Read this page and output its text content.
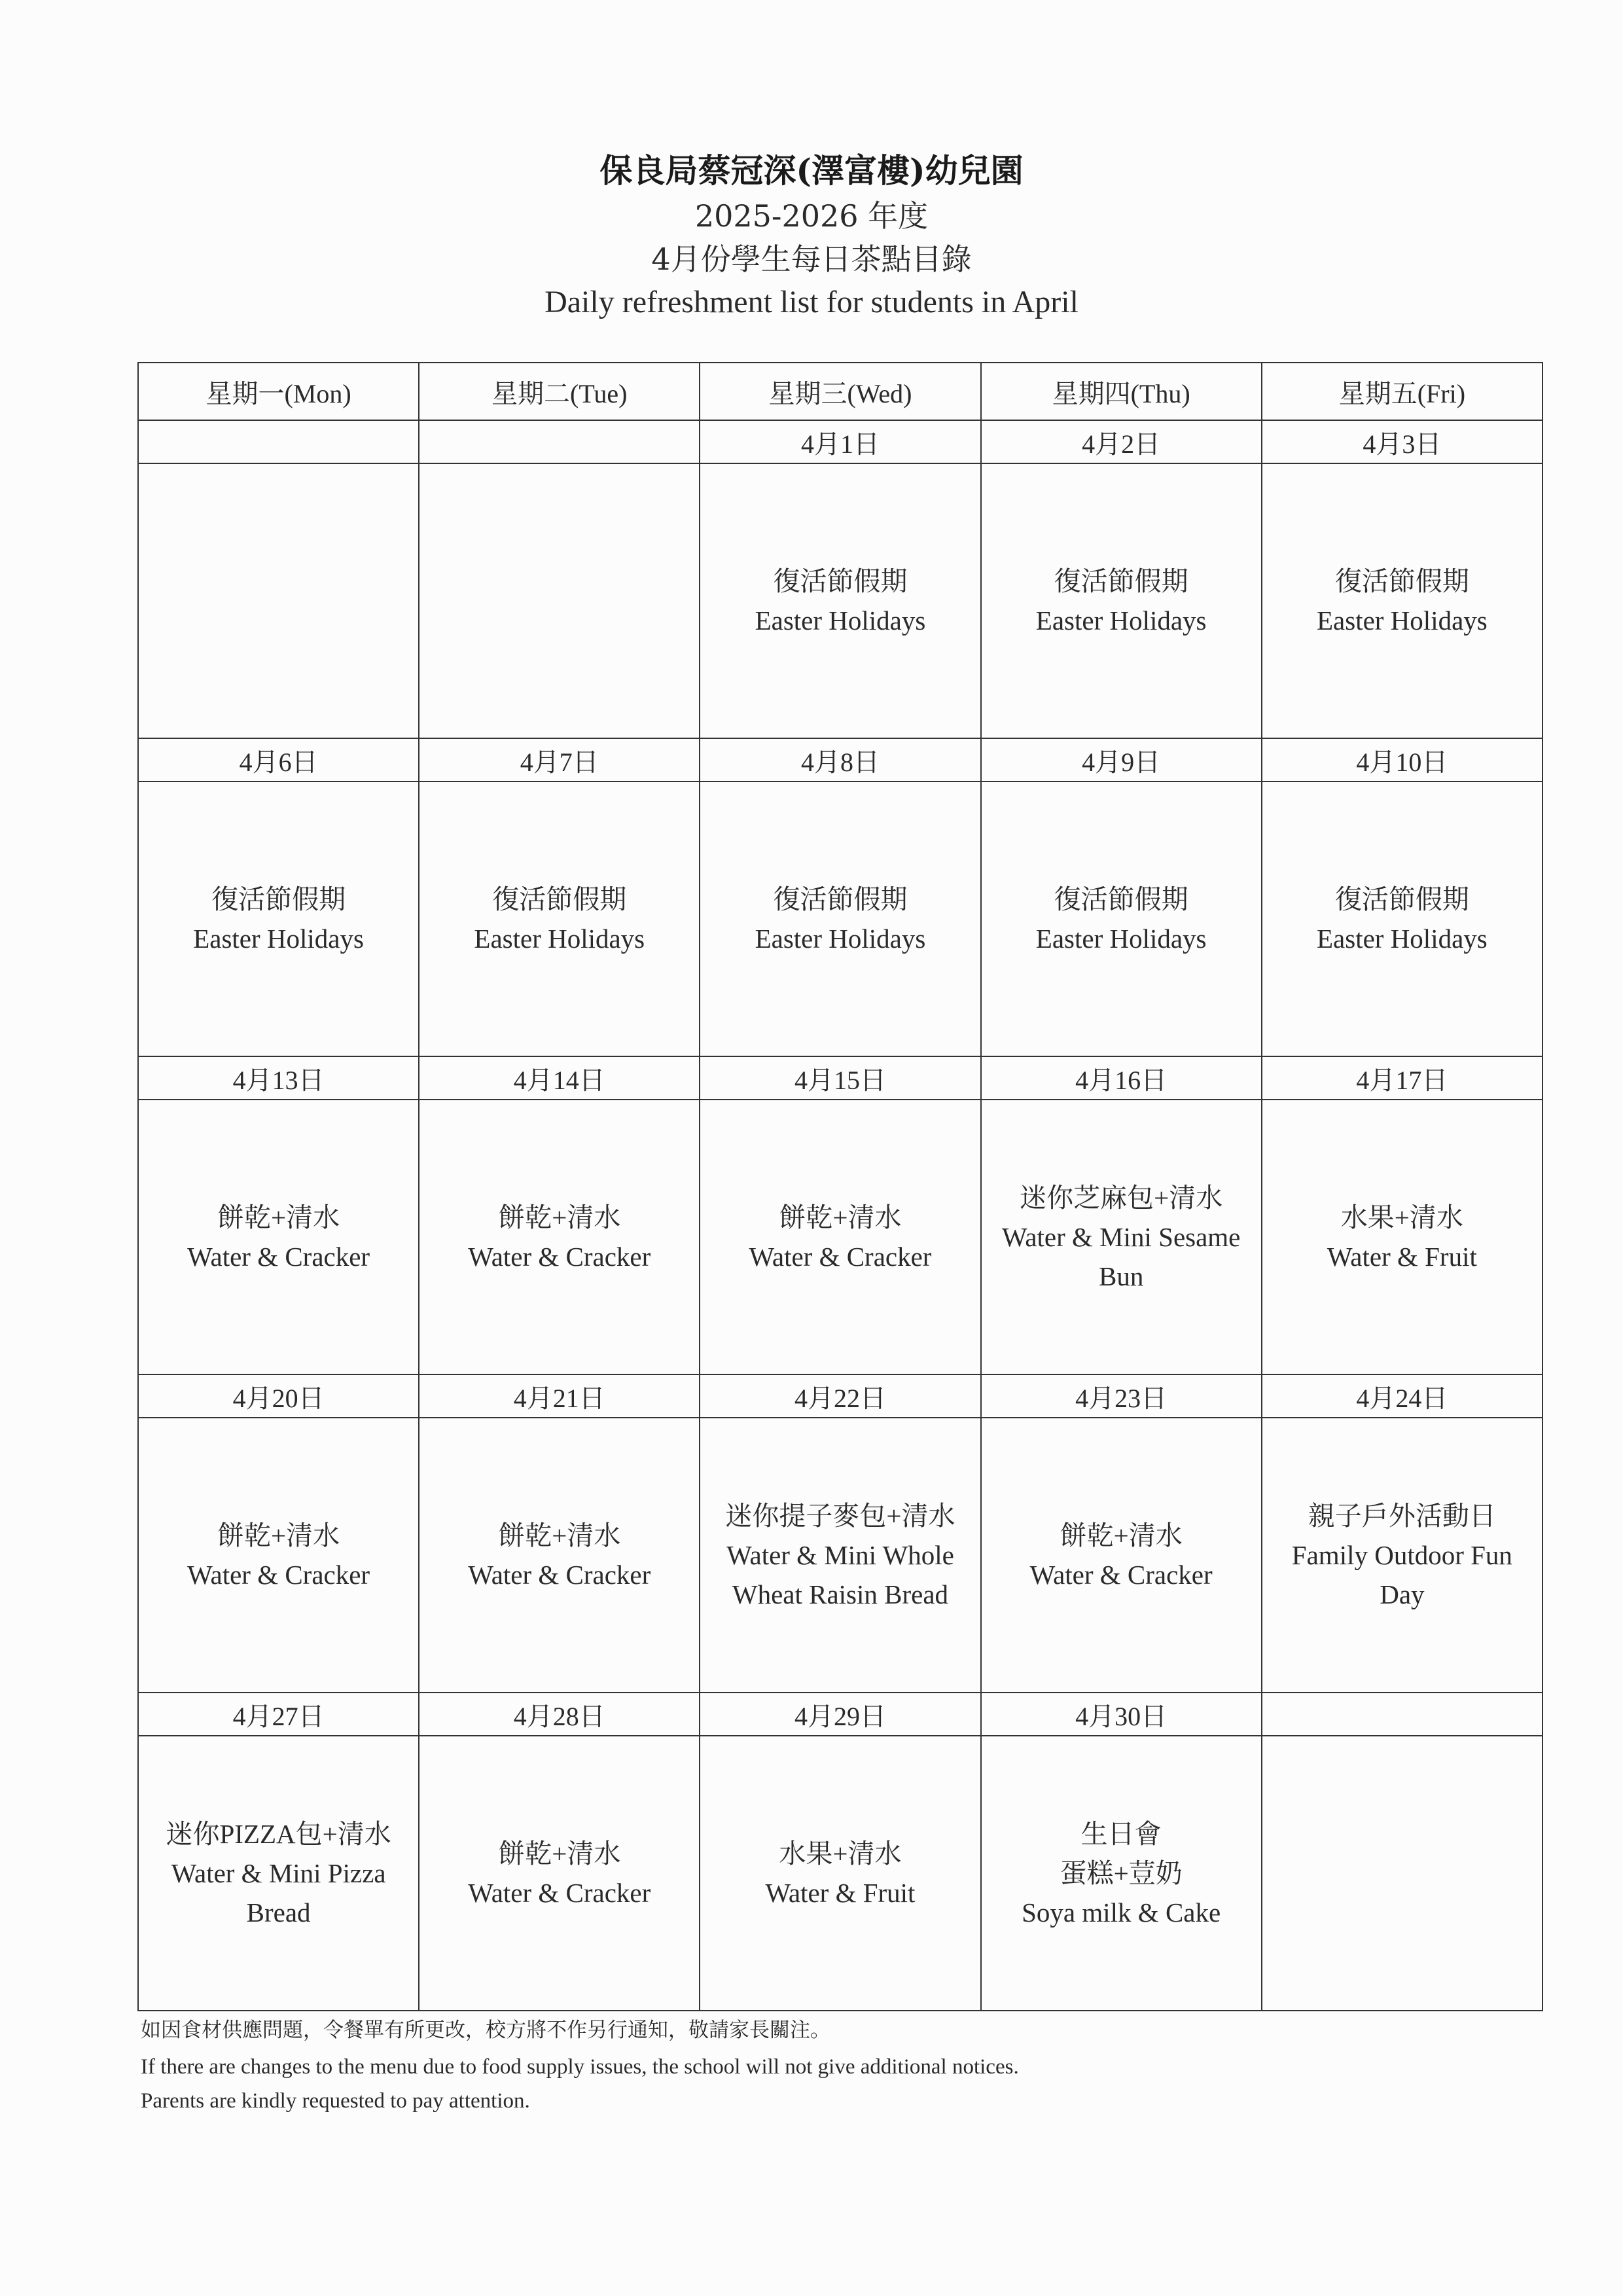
保良局蔡冠深(澤富樓)幼兒園
2025-2026 年度
4月份學生每日茶點目錄
Daily refreshment list for students in April
星期一(Mon)	星期二(Tue)	星期三(Wed)	星期四(Thu)	星期五(Fri)
		4月1日	4月2日	4月3日

		復活節假期
Easter Holidays	復活節假期
Easter Holidays	復活節假期
Easter Holidays

4月6日	4月7日	4月8日	4月9日	4月10日

復活節假期
Easter Holidays	復活節假期
Easter Holidays	復活節假期
Easter Holidays	復活節假期
Easter Holidays	復活節假期
Easter Holidays

4月13日	4月14日	4月15日	4月16日	4月17日

餅乾+清水
Water & Cracker	餅乾+清水
Water & Cracker	餅乾+清水
Water & Cracker	迷你芝麻包+清水
Water & Mini Sesame
Bun	水果+清水
Water & Fruit

4月20日	4月21日	4月22日	4月23日	4月24日

餅乾+清水
Water & Cracker	餅乾+清水
Water & Cracker	迷你提子麥包+清水
Water & Mini Whole
Wheat Raisin Bread	餅乾+清水
Water & Cracker	親子戶外活動日
Family Outdoor Fun Day

4月27日	4月28日	4月29日	4月30日	

迷你PIZZA包+清水
Water & Mini Pizza
Bread	餅乾+清水
Water & Cracker	水果+清水
Water & Fruit	生日會
蛋糕+荳奶
Soya milk & Cake	

如因食材供應問題，令餐單有所更改，校方將不作另行通知，敬請家長關注。
If there are changes to the menu due to food supply issues, the school will not give additional notices.
Parents are kindly requested to pay attention.
